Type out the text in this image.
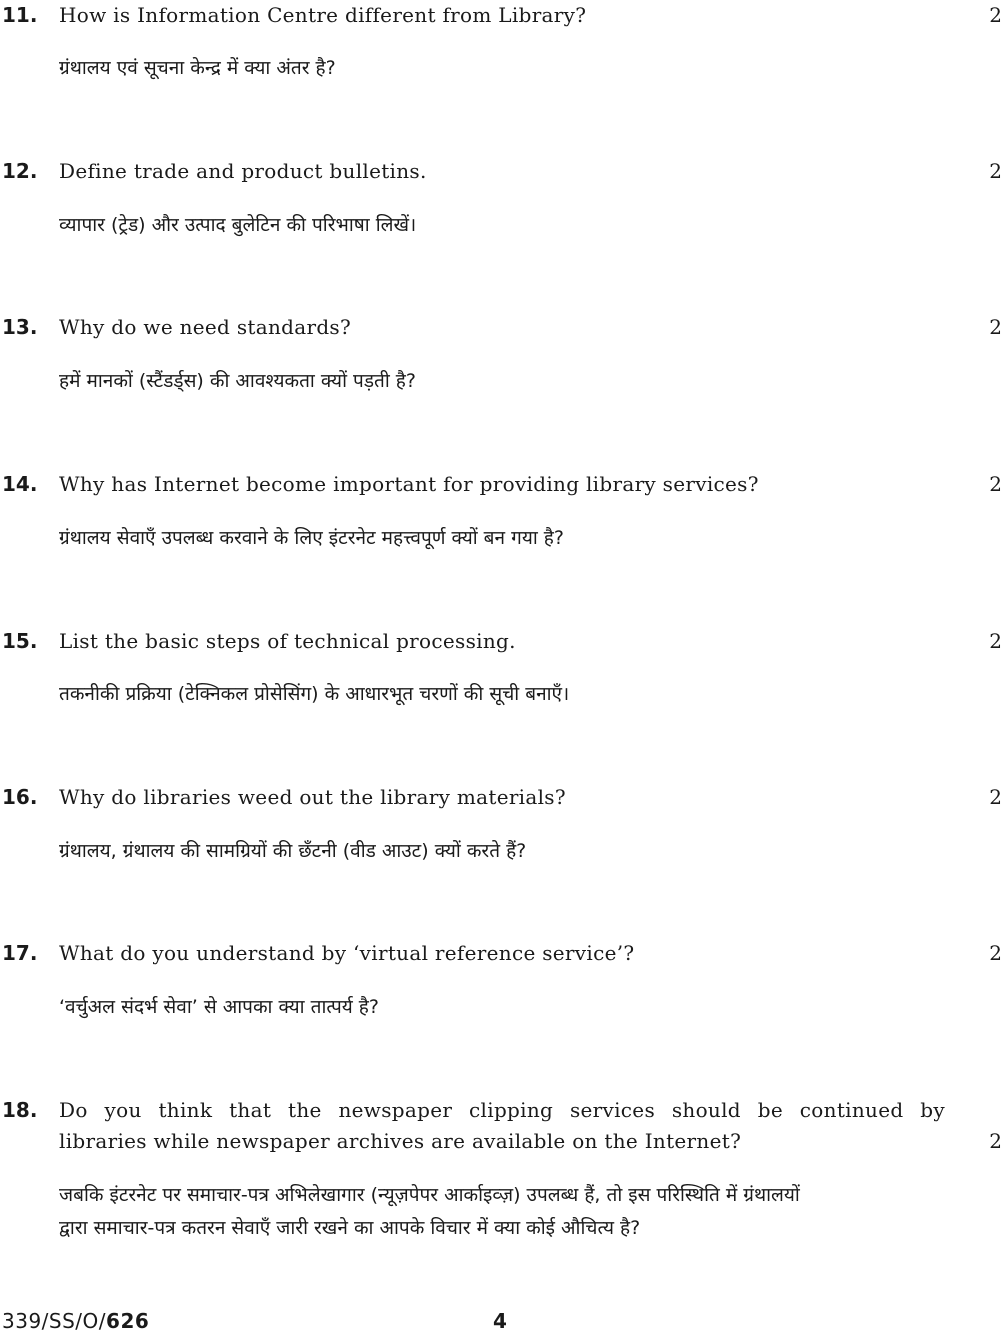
11. How is Information Centre different from Library?	2
ग्रंथालय एवं सूचना केन्द्र में क्या अंतर है?
12. Define trade and product bulletins.	2
व्यापार (ट्रेड) और उत्पाद बुलेटिन की परिभाषा लिखें।
13. Why do we need standards?	2
हमें मानकों (स्टैंडर्ड्स) की आवश्यकता क्यों पड़ती है?
14. Why has Internet become important for providing library services?	2
ग्रंथालय सेवाएँ उपलब्ध करवाने के लिए इंटरनेट महत्त्वपूर्ण क्यों बन गया है?
15. List the basic steps of technical processing.	2
तकनीकी प्रक्रिया (टेक्निकल प्रोसेसिंग) के आधारभूत चरणों की सूची बनाएँ।
16. Why do libraries weed out the library materials?	2
ग्रंथालय, ग्रंथालय की सामग्रियों की छँटनी (वीड आउट) क्यों करते हैं?
17. What do you understand by ‘virtual reference service’?	2
‘वर्चुअल संदर्भ सेवा’ से आपका क्या तात्पर्य है?
18. Do you think that the newspaper clipping services should be continued by
libraries while newspaper archives are available on the Internet?	2
जबकि इंटरनेट पर समाचार-पत्र अभिलेखागार (न्यूज़पेपर आर्काइव्ज़) उपलब्ध हैं, तो इस परिस्थिति में ग्रंथालयों
द्वारा समाचार-पत्र कतरन सेवाएँ जारी रखने का आपके विचार में क्या कोई औचित्य है?
339/SS/O/626	4
